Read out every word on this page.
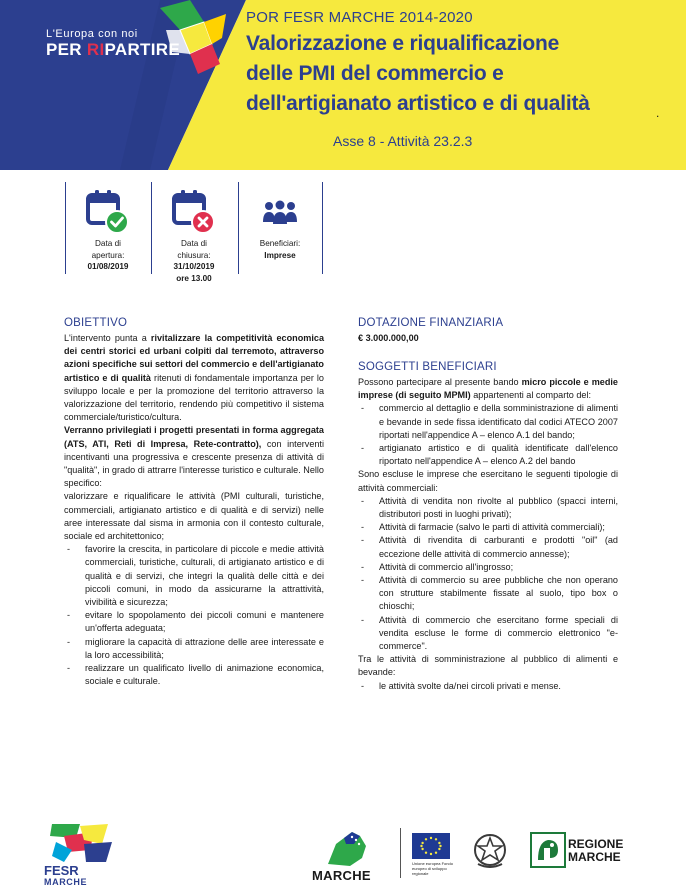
L'Europa con noi
PER RIPARTIRE
POR FESR MARCHE 2014-2020
Valorizzazione e riqualificazione
delle PMI del commercio e
dell'artigianato artistico e di qualità	.
Asse 8 - Attività 23.2.3
Data di
apertura:
01/08/2019
Data di
chiusura:
31/10/2019
ore 13.00
Beneficiari:
Imprese
OBIETTIVO

L'intervento punta a rivitalizzare la competitività economica dei centri storici ed urbani colpiti dal terremoto, attraverso azioni specifiche sui settori del commercio e dell'artigianato artistico e di qualità ritenuti di fondamentale importanza per lo sviluppo locale e per la promozione del territorio attraverso la valorizzazione del territorio, rendendo più competitivo il sistema commerciale/turistico/cultura.

Verranno privilegiati i progetti presentati in forma aggregata (ATS, ATI, Reti di Impresa, Rete-contratto), con interventi incentivanti una progressiva e crescente presenza di attività di "qualità", in grado di attrarre l'interesse turistico e culturale. Nello specifico:

valorizzare e riqualificare le attività (PMI culturali, turistiche, commerciali, artigianato artistico e di qualità e di servizi) nelle aree interessate dal sisma in armonia con il contesto culturale, sociale ed architettonico;

- favorire la crescita, in particolare di piccole e medie attività commerciali, turistiche, culturali, di artigianato artistico e di qualità e di servizi, che integri la qualità delle città e dei piccoli comuni, in modo da assicurarne la attrattività, vivibilità e sicurezza;
- evitare lo spopolamento dei piccoli comuni e mantenere un'offerta adeguata;
- migliorare la capacità di attrazione delle aree interessate e la loro accessibilità;
- realizzare un qualificato livello di animazione economica, sociale e culturale.
DOTAZIONE FINANZIARIA
€ 3.000.000,00
SOGGETTI BENEFICIARI

Possono partecipare al presente bando micro piccole e medie imprese (di seguito MPMI) appartenenti al comparto del:

- commercio al dettaglio e della somministrazione di alimenti e bevande in sede fissa identificato dal codici ATECO 2007 riportati nell'appendice A – elenco A.1 del bando;
- artigianato artistico e di qualità identificate dall'elenco riportato nell'appendice A – elenco A.2 del bando

Sono escluse le imprese che esercitano le seguenti tipologie di attività commerciali:

- Attività di vendita non rivolte al pubblico (spacci interni, distributori posti in luoghi privati);
- Attività di farmacie (salvo le parti di attività commerciali);
- Attività di rivendita di carburanti e prodotti "oil" (ad eccezione delle attività di commercio annesse);
- Attività di commercio all'ingrosso;
- Attività di commercio su aree pubbliche che non operano con strutture stabilmente fissate al suolo, tipo box o chioschi;
- Attività di commercio che esercitano forme speciali di vendita escluse le forme di commercio elettronico "e-commerce".

Tra le attività di somministrazione al pubblico di alimenti e bevande:

- le attività svolte da/nei circoli privati e mense.
FESR
MARCHE	MARCHE
Unione europea Fondo europeo di sviluppo regionale
REGIONE
MARCHE
